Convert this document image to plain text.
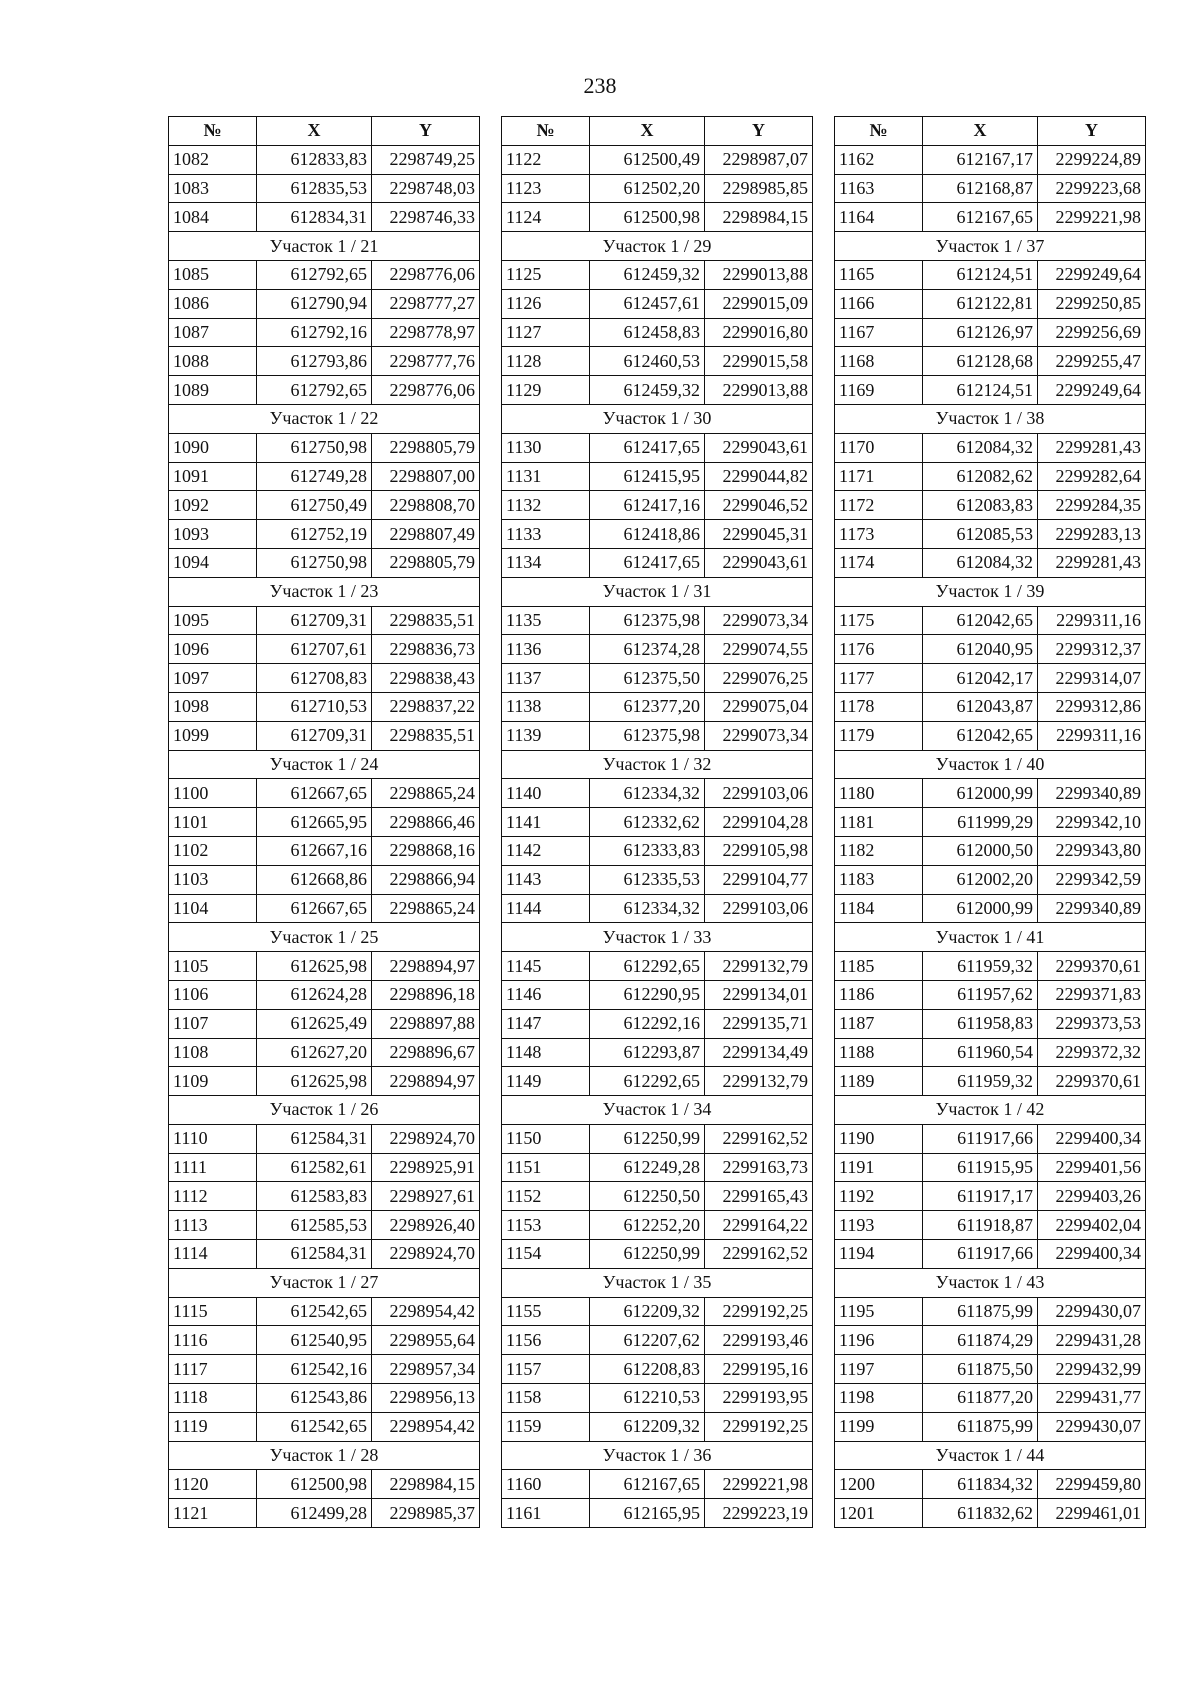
238
№	X	Y
1082	612833,83	2298749,25
1083	612835,53	2298748,03
1084	612834,31	2298746,33
Участок 1 / 21		
1085	612792,65	2298776,06
1086	612790,94	2298777,27
1087	612792,16	2298778,97
1088	612793,86	2298777,76
1089	612792,65	2298776,06
Участок 1 / 22		
1090	612750,98	2298805,79
1091	612749,28	2298807,00
1092	612750,49	2298808,70
1093	612752,19	2298807,49
1094	612750,98	2298805,79
Участок 1 / 23		
1095	612709,31	2298835,51
1096	612707,61	2298836,73
1097	612708,83	2298838,43
1098	612710,53	2298837,22
1099	612709,31	2298835,51
Участок 1 / 24		
1100	612667,65	2298865,24
1101	612665,95	2298866,46
1102	612667,16	2298868,16
1103	612668,86	2298866,94
1104	612667,65	2298865,24
Участок 1 / 25		
1105	612625,98	2298894,97
1106	612624,28	2298896,18
1107	612625,49	2298897,88
1108	612627,20	2298896,67
1109	612625,98	2298894,97
Участок 1 / 26		
1110	612584,31	2298924,70
1111	612582,61	2298925,91
1112	612583,83	2298927,61
1113	612585,53	2298926,40
1114	612584,31	2298924,70
Участок 1 / 27		
1115	612542,65	2298954,42
1116	612540,95	2298955,64
1117	612542,16	2298957,34
1118	612543,86	2298956,13
1119	612542,65	2298954,42
Участок 1 / 28		
1120	612500,98	2298984,15
1121	612499,28	2298985,37
№	X	Y
1122	612500,49	2298987,07
1123	612502,20	2298985,85
1124	612500,98	2298984,15
Участок 1 / 29		
1125	612459,32	2299013,88
1126	612457,61	2299015,09
1127	612458,83	2299016,80
1128	612460,53	2299015,58
1129	612459,32	2299013,88
Участок 1 / 30		
1130	612417,65	2299043,61
1131	612415,95	2299044,82
1132	612417,16	2299046,52
1133	612418,86	2299045,31
1134	612417,65	2299043,61
Участок 1 / 31		
1135	612375,98	2299073,34
1136	612374,28	2299074,55
1137	612375,50	2299076,25
1138	612377,20	2299075,04
1139	612375,98	2299073,34
Участок 1 / 32		
1140	612334,32	2299103,06
1141	612332,62	2299104,28
1142	612333,83	2299105,98
1143	612335,53	2299104,77
1144	612334,32	2299103,06
Участок 1 / 33		
1145	612292,65	2299132,79
1146	612290,95	2299134,01
1147	612292,16	2299135,71
1148	612293,87	2299134,49
1149	612292,65	2299132,79
Участок 1 / 34		
1150	612250,99	2299162,52
1151	612249,28	2299163,73
1152	612250,50	2299165,43
1153	612252,20	2299164,22
1154	612250,99	2299162,52
Участок 1 / 35		
1155	612209,32	2299192,25
1156	612207,62	2299193,46
1157	612208,83	2299195,16
1158	612210,53	2299193,95
1159	612209,32	2299192,25
Участок 1 / 36		
1160	612167,65	2299221,98
1161	612165,95	2299223,19
№	X	Y
1162	612167,17	2299224,89
1163	612168,87	2299223,68
1164	612167,65	2299221,98
Участок 1 / 37		
1165	612124,51	2299249,64
1166	612122,81	2299250,85
1167	612126,97	2299256,69
1168	612128,68	2299255,47
1169	612124,51	2299249,64
Участок 1 / 38		
1170	612084,32	2299281,43
1171	612082,62	2299282,64
1172	612083,83	2299284,35
1173	612085,53	2299283,13
1174	612084,32	2299281,43
Участок 1 / 39		
1175	612042,65	2299311,16
1176	612040,95	2299312,37
1177	612042,17	2299314,07
1178	612043,87	2299312,86
1179	612042,65	2299311,16
Участок 1 / 40		
1180	612000,99	2299340,89
1181	611999,29	2299342,10
1182	612000,50	2299343,80
1183	612002,20	2299342,59
1184	612000,99	2299340,89
Участок 1 / 41		
1185	611959,32	2299370,61
1186	611957,62	2299371,83
1187	611958,83	2299373,53
1188	611960,54	2299372,32
1189	611959,32	2299370,61
Участок 1 / 42		
1190	611917,66	2299400,34
1191	611915,95	2299401,56
1192	611917,17	2299403,26
1193	611918,87	2299402,04
1194	611917,66	2299400,34
Участок 1 / 43		
1195	611875,99	2299430,07
1196	611874,29	2299431,28
1197	611875,50	2299432,99
1198	611877,20	2299431,77
1199	611875,99	2299430,07
Участок 1 / 44		
1200	611834,32	2299459,80
1201	611832,62	2299461,01
